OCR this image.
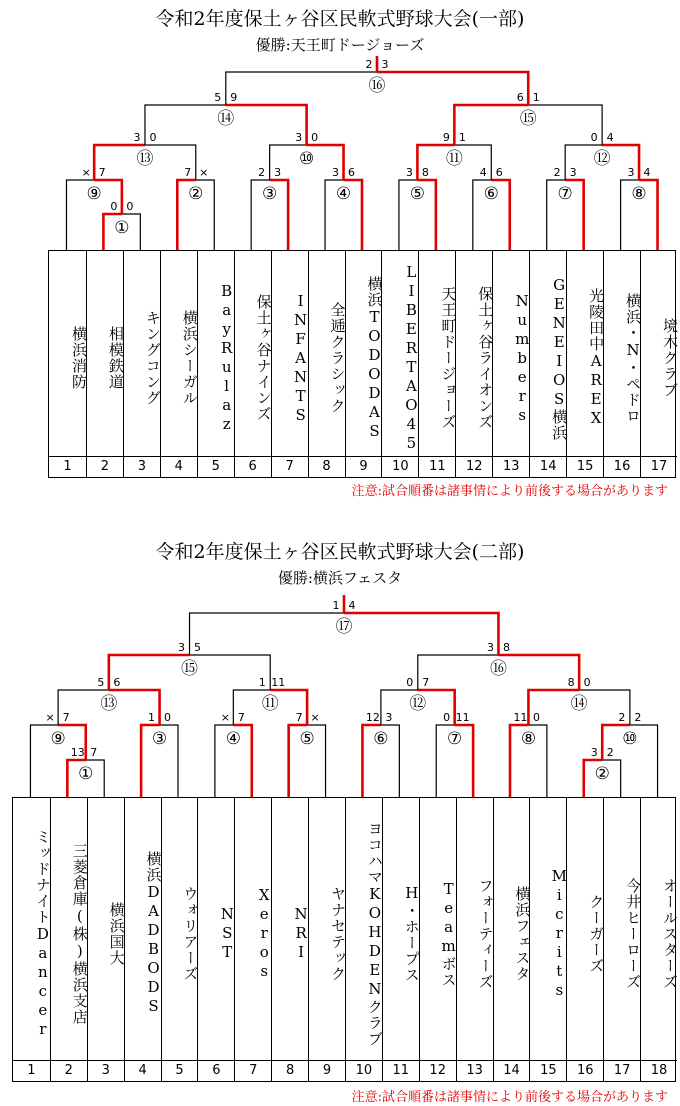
令和2年度保土ヶ谷区民軟式野球大会(一部)
優勝:天王町ドージョーズ
0 0
①
× 7
⑨
7 ×
②
2 3
③
3 6
④
3 8
⑤
4 6
⑥
2 3
⑦
3 4
⑧
3 0
⑬
3 0
⑩
9 1
⑪
0 4
⑫
5 9
⑭
6 1
⑮
2 3
⑯
横浜消防
1
相模鉄道
2
キングコング
3
横浜シーガル
4
BayRulaz
5
保土ヶ谷ナインズ
6
INFANTS
7
全逓クラシック
8
横浜TODODAS
9
LIBERTAO45
10
天王町ドージョーズ
11
保土ヶ谷ライオンズ
12
Numbers
13
GENEIOS横浜
14
光陵田中AREX
15
横浜・N・ペドロ
16
境木クラブ
17
注意:試合順番は諸事情により前後する場合があります
令和2年度保土ヶ谷区民軟式野球大会(二部)
優勝:横浜フェスタ
13 7
①
3 2
②
× 7
⑨
1 0
③
× 7
④
7 ×
⑤
12 3
⑥
0 11
⑦
11 0
⑧
2 2
⑩
5 6
⑬
1 11
⑪
0 7
⑫
8 0
⑭
3 5
⑮
3 8
⑯
1 4
⑰
ミッドナイトDancer
1
三菱倉庫(株)横浜支店
2
横浜国大
3
横浜DADBODS
4
ウォリアーズ
5
NST
6
Xeros
7
NRI
8
ヤナセテック
9
ヨコハマKOHDENクラブ
10
H・ホープス
11
Teamボス
12
フォーティーズ
13
横浜フェスタ
14
Micrits
15
クーガーズ
16
今井ヒーローズ
17
オールスターズ
18
注意:試合順番は諸事情により前後する場合があります
